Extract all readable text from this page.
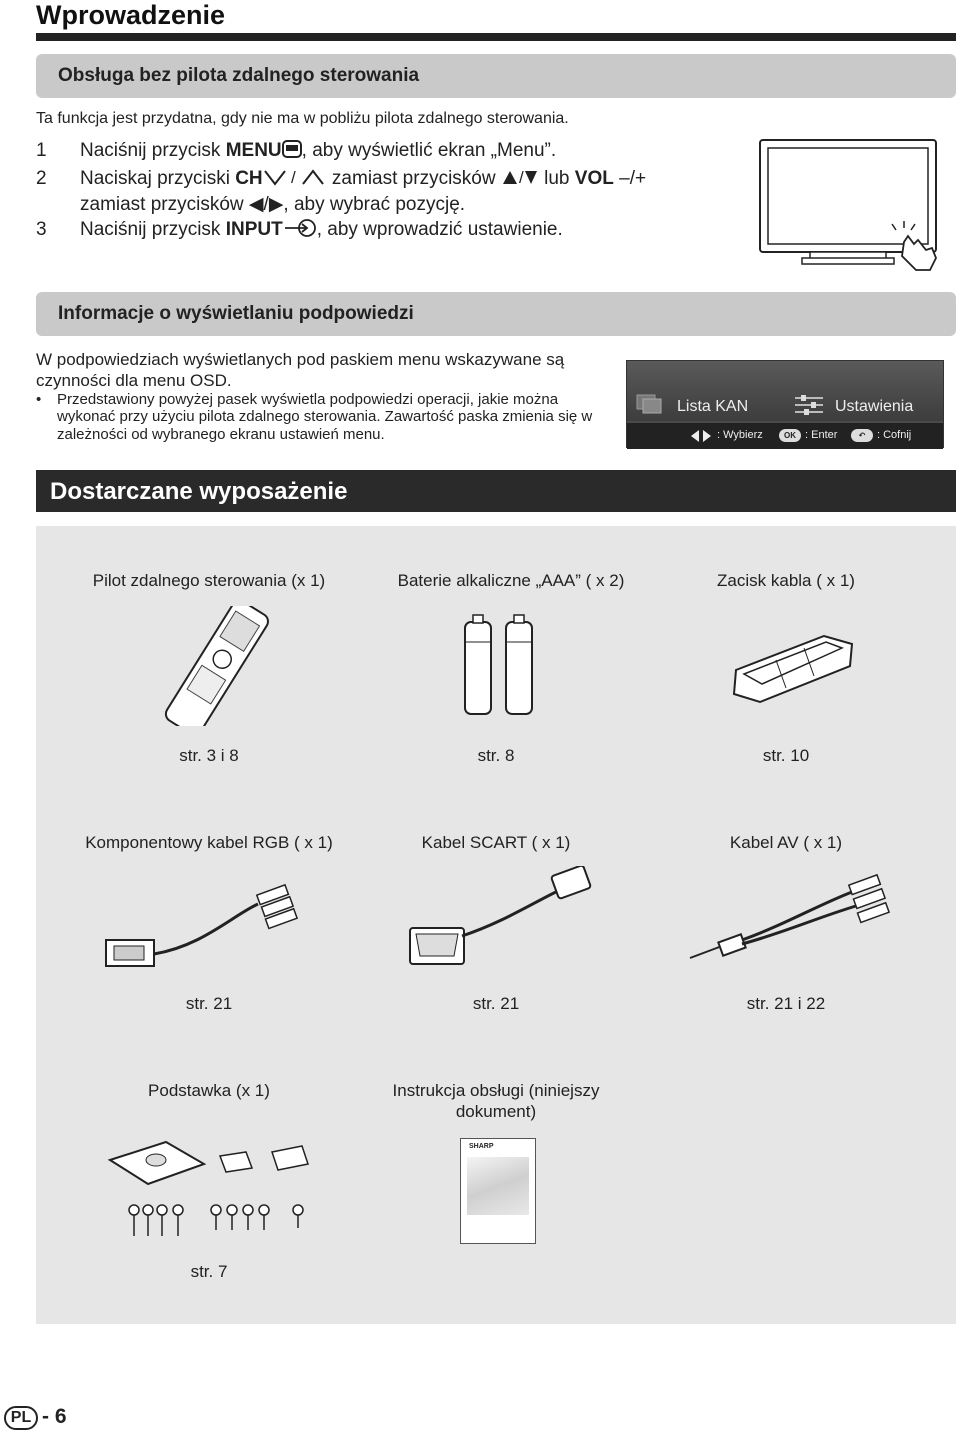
Wprowadzenie
Obsługa bez pilota zdalnego sterowania
Ta funkcja jest przydatna, gdy nie ma w pobliżu pilota zdalnego sterowania.
1 Naciśnij przycisk MENU , aby wyświetlić ekran „Menu”.
2 Naciskaj przyciski CH / zamiast przycisków / lub VOL –/+
zamiast przycisków ◀/▶, aby wybrać pozycję.
3 Naciśnij przycisk INPUT , aby wprowadzić ustawienie.
Informacje o wyświetlaniu podpowiedzi
W podpowiedziach wyświetlanych pod paskiem menu wskazywane są
czynności dla menu OSD.
• Przedstawiony powyżej pasek wyświetla podpowiedzi operacji, jakie można
wykonać przy użyciu pilota zdalnego sterowania. Zawartość paska zmienia się w
zależności od wybranego ekranu ustawień menu.
Lista KAN	Ustawienia
: Wybierz	OK : Enter	↶	: Cofnij
Dostarczane wyposażenie
Pilot zdalnego sterowania (x 1)	Baterie alkaliczne „AAA” ( x 2)	Zacisk kabla ( x 1)
str. 3 i 8	str. 8	str. 10
Komponentowy kabel RGB ( x 1)	Kabel SCART ( x 1)	Kabel AV ( x 1)
str. 21	str. 21	str. 21 i 22
Podstawka (x 1)	Instrukcja obsługi (niniejszy
dokument)
SHARP
str. 7
PL - 6
